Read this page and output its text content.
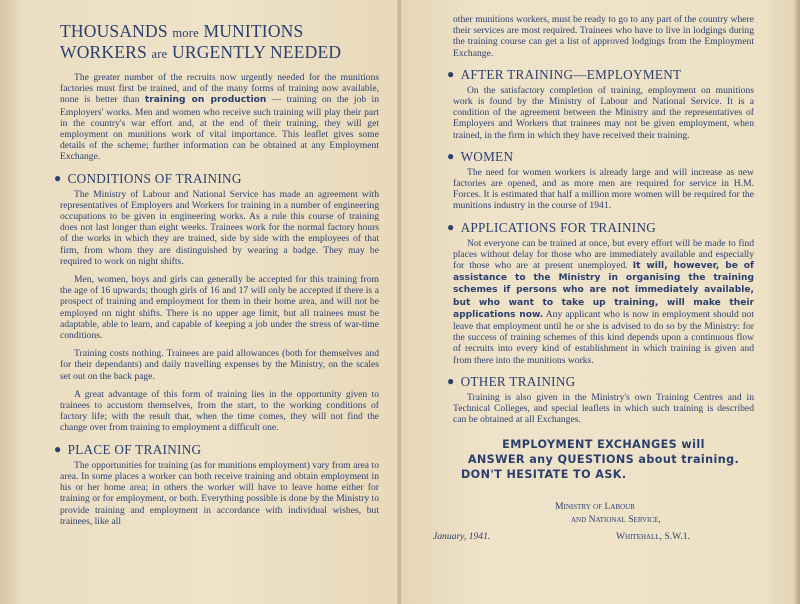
THOUSANDS more MUNITIONS
WORKERS are URGENTLY NEEDED

The greater number of the recruits now urgently needed for the munitions factories must first be trained, and of the many forms of training now available, none is better than training on production — training on the job in Employers' works. Men and women who receive such training will play their part in the country's war effort and, at the end of their training, they will get employment on munitions work of vital importance. This leaflet gives some details of the scheme; further information can be obtained at any Employment Exchange.

● CONDITIONS OF TRAINING

The Ministry of Labour and National Service has made an agreement with representatives of Employers and Workers for training in a number of engineering occupations to be given in engineering works. As a rule this course of training does not last longer than eight weeks. Trainees work for the normal factory hours of the works in which they are trained, side by side with the employees of that firm, from whom they are distinguished by wearing a badge. They may be required to work on night shifts.

Men, women, boys and girls can generally be accepted for this training from the age of 16 upwards; though girls of 16 and 17 will only be accepted if there is a prospect of training and employment for them in their home area, and will not be employed on night shifts. There is no upper age limit, but all trainees must be adaptable, able to learn, and capable of keeping a job under the stress of war-time conditions.

Training costs nothing. Trainees are paid allowances (both for themselves and for their dependants) and daily travelling expenses by the Ministry, on the scales set out on the back page.

A great advantage of this form of training lies in the opportunity given to trainees to accustom themselves, from the start, to the working conditions of factory life; with the result that, when the time comes, they will not find the change over from training to employment a difficult one.

● PLACE OF TRAINING

The opportunities for training (as for munitions employment) vary from area to area. In some places a worker can both receive training and obtain employment in his or her home area; in others the worker will have to leave home either for training or for employment, or both. Everything possible is done by the Ministry to provide training and employment in accordance with individual wishes, but trainees, like all

other munitions workers, must be ready to go to any part of the country where their services are most required. Trainees who have to live in lodgings during the training course can get a list of approved lodgings from the Employment Exchange.

● AFTER TRAINING—EMPLOYMENT

On the satisfactory completion of training, employment on munitions work is found by the Ministry of Labour and National Service. It is a condition of the agreement between the Ministry and the representatives of Employers and Workers that trainees may not be given employment, when trained, in the firm in which they have received their training.

● WOMEN

The need for women workers is already large and will increase as new factories are opened, and as more men are required for service in H.M. Forces. It is estimated that half a million more women will be required for the munitions industry in the course of 1941.

● APPLICATIONS FOR TRAINING

Not everyone can be trained at once, but every effort will be made to find places without delay for those who are immediately available and especially for those who are at present unemployed. It will, however, be of assistance to the Ministry in organising the training schemes if persons who are not immediately available, but who want to take up training, will make their applications now. Any applicant who is now in employment should not leave that employment until he or she is advised to do so by the Ministry: for the success of training schemes of this kind depends upon a continuous flow of recruits into every kind of establishment in which training is given and from there into the munitions works.

● OTHER TRAINING

Training is also given in the Ministry's own Training Centres and in Technical Colleges, and special leaflets in which such training is described can be obtained at all Exchanges.

EMPLOYMENT EXCHANGES will
ANSWER any QUESTIONS about training.
DON'T HESITATE TO ASK.
Ministry of Labour
and National Service,
January, 1941.	Whitehall, S.W.1.
